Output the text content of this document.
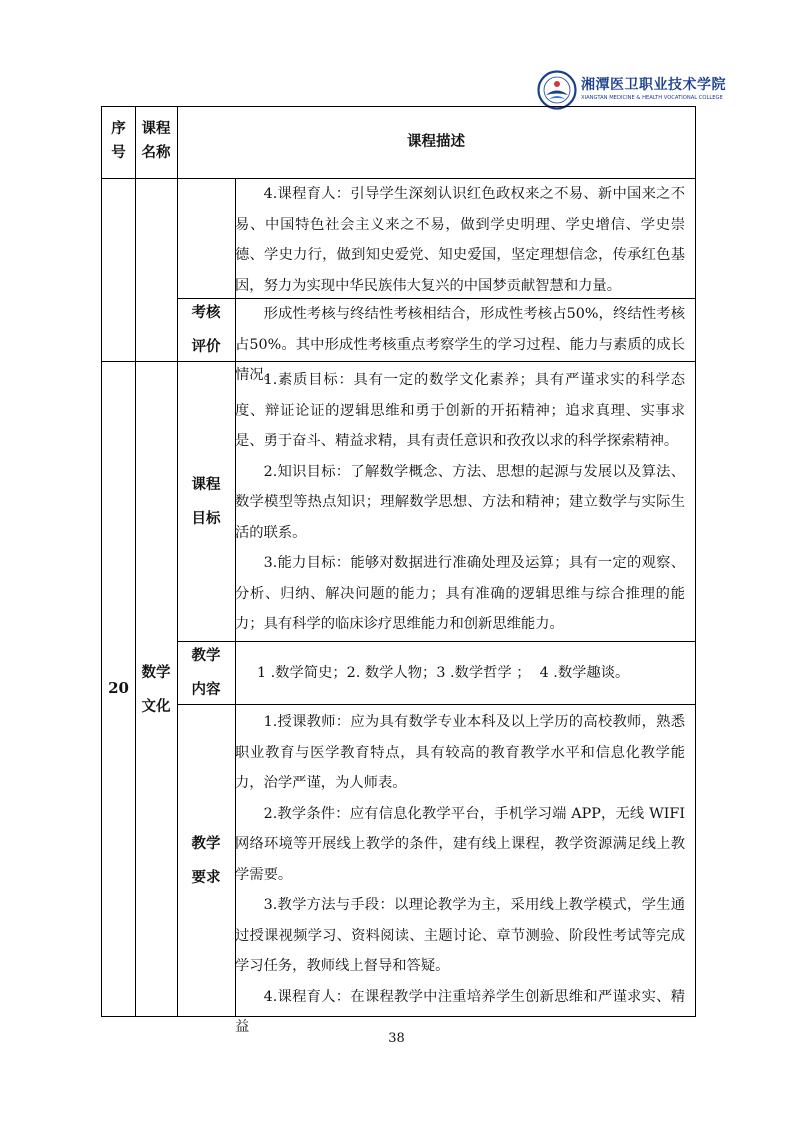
湘潭医卫职业技术学院
XIANGTAN MEDICINE & HEALTH VOCATIONAL COLLEGE
序
号
课程
名称
课程描述

4.课程育人：引导学生深刻认识红色政权来之不易、新中国来之不易、中国特色社会主义来之不易，做到学史明理、学史增信、学史崇德、学史力行，做到知史爱党、知史爱国，坚定理想信念，传承红色基因，努力为实现中华民族伟大复兴的中国梦贡献智慧和力量。

考核
评价

形成性考核与终结性考核相结合，形成性考核占50%，终结性考核占50%。其中形成性考核重点考察学生的学习过程、能力与素质的成长情况。

20
数学
文化
课程
目标

1.素质目标：具有一定的数学文化素养；具有严谨求实的科学态度、辩证论证的逻辑思维和勇于创新的开拓精神；追求真理、实事求是、勇于奋斗、精益求精，具有责任意识和孜孜以求的科学探索精神。

2.知识目标：了解数学概念、方法、思想的起源与发展以及算法、数学模型等热点知识；理解数学思想、方法和精神；建立数学与实际生活的联系。

3.能力目标：能够对数据进行准确处理及运算；具有一定的观察、分析、归纳、解决问题的能力；具有准确的逻辑思维与综合推理的能力；具有科学的临床诊疗思维能力和创新思维能力。

教学
内容

1 .数学简史；2. 数学人物；3 .数学哲学 ；  4 .数学趣谈。

教学
要求

1.授课教师：应为具有数学专业本科及以上学历的高校教师，熟悉职业教育与医学教育特点，具有较高的教育教学水平和信息化教学能力，治学严谨，为人师表。

2.教学条件：应有信息化教学平台，手机学习端 APP，无线 WIFI 网络环境等开展线上教学的条件，建有线上课程，教学资源满足线上教学需要。

3.教学方法与手段：以理论教学为主，采用线上教学模式，学生通过授课视频学习、资料阅读、主题讨论、章节测验、阶段性考试等完成学习任务，教师线上督导和答疑。

4.课程育人：在课程教学中注重培养学生创新思维和严谨求实、精益

38
